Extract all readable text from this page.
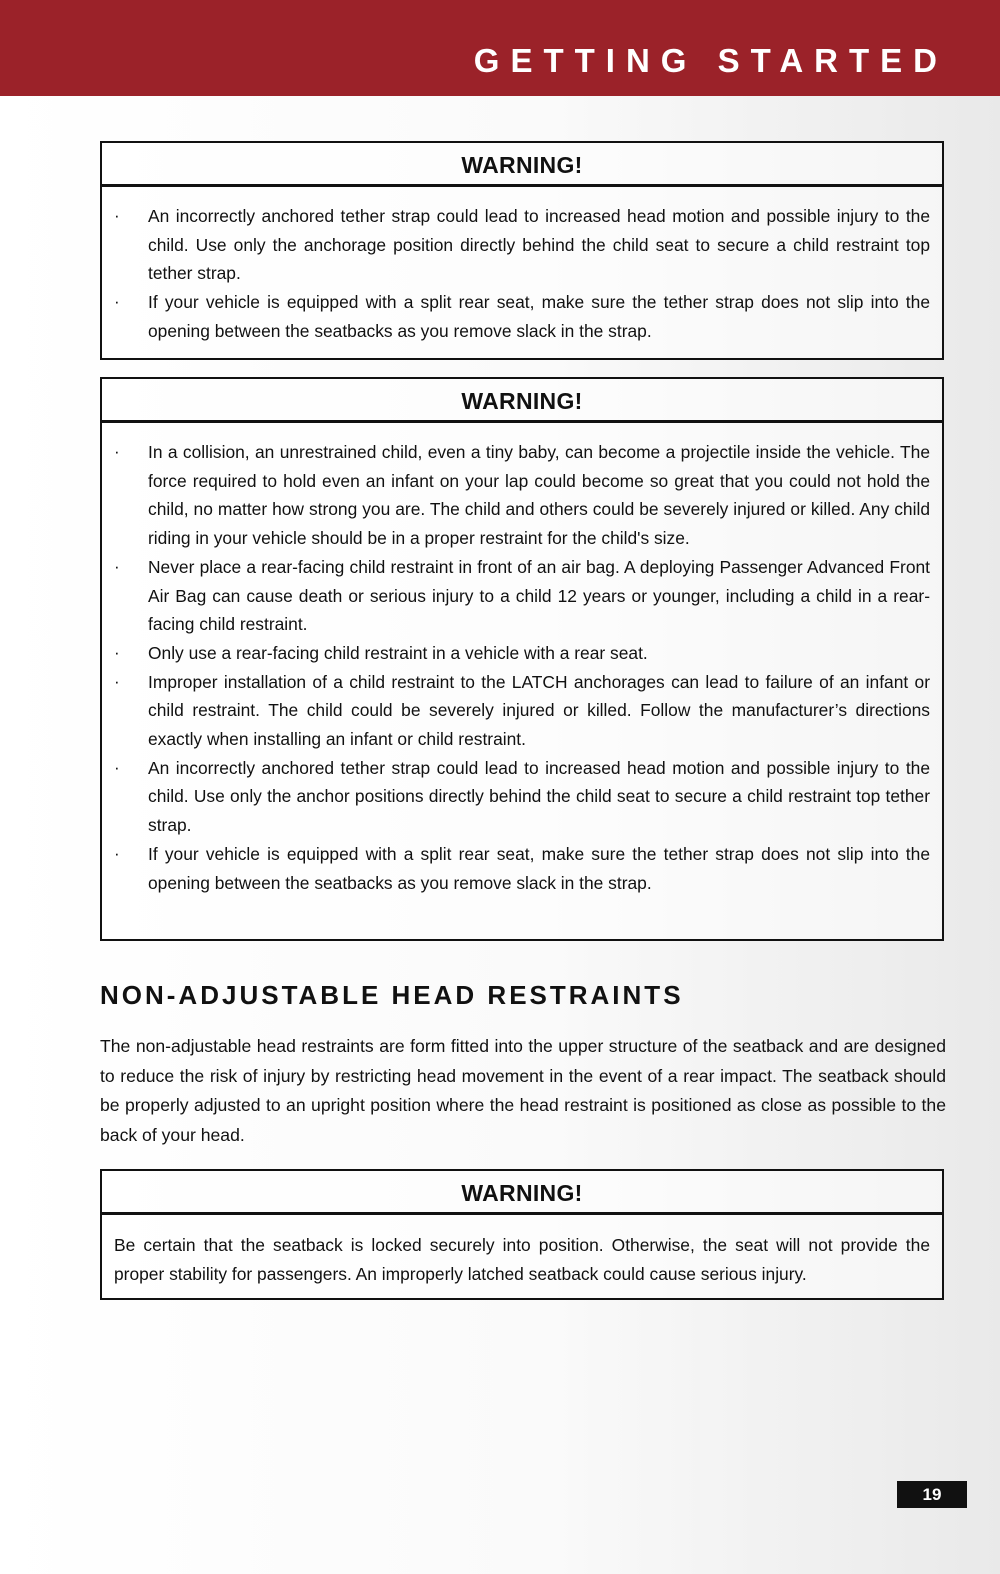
GETTING STARTED
WARNING!
· An incorrectly anchored tether strap could lead to increased head motion and possible injury to the child. Use only the anchorage position directly behind the child seat to secure a child restraint top tether strap.
· If your vehicle is equipped with a split rear seat, make sure the tether strap does not slip into the opening between the seatbacks as you remove slack in the strap.
WARNING!
· In a collision, an unrestrained child, even a tiny baby, can become a projectile inside the vehicle. The force required to hold even an infant on your lap could become so great that you could not hold the child, no matter how strong you are. The child and others could be severely injured or killed. Any child riding in your vehicle should be in a proper restraint for the child's size.
· Never place a rear-facing child restraint in front of an air bag. A deploying Passenger Advanced Front Air Bag can cause death or serious injury to a child 12 years or younger, including a child in a rear-facing child restraint.
· Only use a rear-facing child restraint in a vehicle with a rear seat.
· Improper installation of a child restraint to the LATCH anchorages can lead to failure of an infant or child restraint. The child could be severely injured or killed. Follow the manufacturer’s directions exactly when installing an infant or child restraint.
· An incorrectly anchored tether strap could lead to increased head motion and possible injury to the child. Use only the anchor positions directly behind the child seat to secure a child restraint top tether strap.
· If your vehicle is equipped with a split rear seat, make sure the tether strap does not slip into the opening between the seatbacks as you remove slack in the strap.
NON-ADJUSTABLE HEAD RESTRAINTS

The non-adjustable head restraints are form fitted into the upper structure of the seatback and are designed to reduce the risk of injury by restricting head movement in the event of a rear impact. The seatback should be properly adjusted to an upright position where the head restraint is positioned as close as possible to the back of your head.

WARNING!

Be certain that the seatback is locked securely into position. Otherwise, the seat will not provide the proper stability for passengers. An improperly latched seatback could cause serious injury.

19
